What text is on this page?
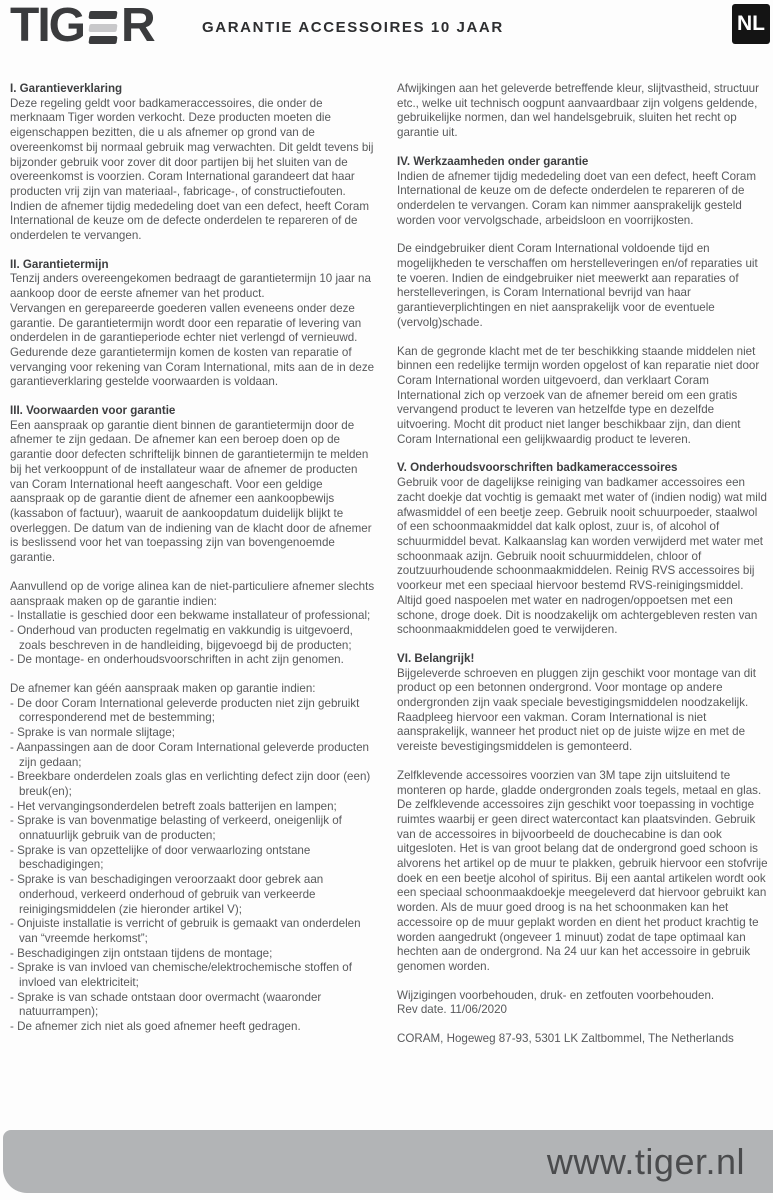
TIG R	GARANTIE ACCESSOIRES 10 JAAR	NL
I. Garantieverklaring

Deze regeling geldt voor badkameraccessoires, die onder de merknaam Tiger worden verkocht. Deze producten moeten die eigenschappen bezitten, die u als afnemer op grond van de overeenkomst bij normaal gebruik mag verwachten. Dit geldt tevens bij bijzonder gebruik voor zover dit door partijen bij het sluiten van de overeenkomst is voorzien. Coram International garandeert dat haar producten vrij zijn van materiaal-, fabricage-, of constructiefouten. Indien de afnemer tijdig mededeling doet van een defect, heeft Coram International de keuze om de defecte onderdelen te repareren of de onderdelen te vervangen.

II. Garantietermijn

Tenzij anders overeengekomen bedraagt de garantietermijn 10 jaar na aankoop door de eerste afnemer van het product.

Vervangen en gerepareerde goederen vallen eveneens onder deze garantie. De garantietermijn wordt door een reparatie of levering van onderdelen in de garantieperiode echter niet verlengd of vernieuwd.

Gedurende deze garantietermijn komen de kosten van reparatie of vervanging voor rekening van Coram International, mits aan de in deze garantieverklaring gestelde voorwaarden is voldaan.

III. Voorwaarden voor garantie

Een aanspraak op garantie dient binnen de garantietermijn door de afnemer te zijn gedaan. De afnemer kan een beroep doen op de garantie door defecten schriftelijk binnen de garantietermijn te melden bij het verkooppunt of de installateur waar de afnemer de producten van Coram International heeft aangeschaft. Voor een geldige aanspraak op de garantie dient de afnemer een aankoopbewijs (kassabon of factuur), waaruit de aankoopdatum duidelijk blijkt te overleggen. De datum van de indiening van de klacht door de afnemer is beslissend voor het van toepassing zijn van bovengenoemde garantie.

Aanvullend op de vorige alinea kan de niet-particuliere afnemer slechts aanspraak maken op de garantie indien:

- Installatie is geschied door een bekwame installateur of professional;
- Onderhoud van producten regelmatig en vakkundig is uitgevoerd, zoals beschreven in de handleiding, bijgevoegd bij de producten;
- De montage- en onderhoudsvoorschriften in acht zijn genomen.

De afnemer kan géén aanspraak maken op garantie indien:

- De door Coram International geleverde producten niet zijn gebruikt corresponderend met de bestemming;
- Sprake is van normale slijtage;
- Aanpassingen aan de door Coram International geleverde producten zijn gedaan;
- Breekbare onderdelen zoals glas en verlichting defect zijn door (een) breuk(en);
- Het vervangingsonderdelen betreft zoals batterijen en lampen;
- Sprake is van bovenmatige belasting of verkeerd, oneigenlijk of onnatuurlijk gebruik van de producten;
- Sprake is van opzettelijke of door verwaarlozing ontstane beschadigingen;
- Sprake is van beschadigingen veroorzaakt door gebrek aan onderhoud, verkeerd onderhoud of gebruik van verkeerde reinigingsmiddelen (zie hieronder artikel V);
- Onjuiste installatie is verricht of gebruik is gemaakt van onderdelen van “vreemde herkomst”;
- Beschadigingen zijn ontstaan tijdens de montage;
- Sprake is van invloed van chemische/elektrochemische stoffen of invloed van elektriciteit;
- Sprake is van schade ontstaan door overmacht (waaronder natuurrampen);
- De afnemer zich niet als goed afnemer heeft gedragen.

Afwijkingen aan het geleverde betreffende kleur, slijtvastheid, structuur etc., welke uit technisch oogpunt aanvaardbaar zijn volgens geldende, gebruikelijke normen, dan wel handelsgebruik, sluiten het recht op garantie uit.

IV. Werkzaamheden onder garantie

Indien de afnemer tijdig mededeling doet van een defect, heeft Coram International de keuze om de defecte onderdelen te repareren of de onderdelen te vervangen. Coram kan nimmer aansprakelijk gesteld worden voor vervolgschade, arbeidsloon en voorrijkosten.

De eindgebruiker dient Coram International voldoende tijd en mogelijkheden te verschaffen om herstelleveringen en/of reparaties uit te voeren. Indien de eindgebruiker niet meewerkt aan reparaties of herstelleveringen, is Coram International bevrijd van haar garantieverplichtingen en niet aansprakelijk voor de eventuele (vervolg)schade.

Kan de gegronde klacht met de ter beschikking staande middelen niet binnen een redelijke termijn worden opgelost of kan reparatie niet door Coram International worden uitgevoerd, dan verklaart Coram International zich op verzoek van de afnemer bereid om een gratis vervangend product te leveren van hetzelfde type en dezelfde uitvoering. Mocht dit product niet langer beschikbaar zijn, dan dient Coram International een gelijkwaardig product te leveren.

V. Onderhoudsvoorschriften badkameraccessoires

Gebruik voor de dagelijkse reiniging van badkamer accessoires een zacht doekje dat vochtig is gemaakt met water of (indien nodig) wat mild afwasmiddel of een beetje zeep. Gebruik nooit schuurpoeder, staalwol of een schoonmaakmiddel dat kalk oplost, zuur is, of alcohol of schuurmiddel bevat. Kalkaanslag kan worden verwijderd met water met schoonmaak azijn. Gebruik nooit schuurmiddelen, chloor of zoutzuurhoudende schoonmaakmiddelen. Reinig RVS accessoires bij voorkeur met een speciaal hiervoor bestemd RVS-reinigingsmiddel. Altijd goed naspoelen met water en nadrogen/oppoetsen met een schone, droge doek. Dit is noodzakelijk om achtergebleven resten van schoonmaakmiddelen goed te verwijderen.

VI. Belangrijk!

Bijgeleverde schroeven en pluggen zijn geschikt voor montage van dit product op een betonnen ondergrond. Voor montage op andere ondergronden zijn vaak speciale bevestigingsmiddelen noodzakelijk. Raadpleeg hiervoor een vakman. Coram International is niet aansprakelijk, wanneer het product niet op de juiste wijze en met de vereiste bevestigingsmiddelen is gemonteerd.

Zelfklevende accessoires voorzien van 3M tape zijn uitsluitend te monteren op harde, gladde ondergronden zoals tegels, metaal en glas. De zelfklevende accessoires zijn geschikt voor toepassing in vochtige ruimtes waarbij er geen direct watercontact kan plaatsvinden. Gebruik van de accessoires in bijvoorbeeld de douchecabine is dan ook uitgesloten. Het is van groot belang dat de ondergrond goed schoon is alvorens het artikel op de muur te plakken, gebruik hiervoor een stofvrije doek en een beetje alcohol of spiritus. Bij een aantal artikelen wordt ook een speciaal schoonmaakdoekje meegeleverd dat hiervoor gebruikt kan worden. Als de muur goed droog is na het schoonmaken kan het accessoire op de muur geplakt worden en dient het product krachtig te worden aangedrukt (ongeveer 1 minuut) zodat de tape optimaal kan hechten aan de ondergrond. Na 24 uur kan het accessoire in gebruik genomen worden.

Wijzigingen voorbehouden, druk- en zetfouten voorbehouden.

Rev date. 11/06/2020

CORAM, Hogeweg 87-93, 5301 LK Zaltbommel, The Netherlands

www.tiger.nl
